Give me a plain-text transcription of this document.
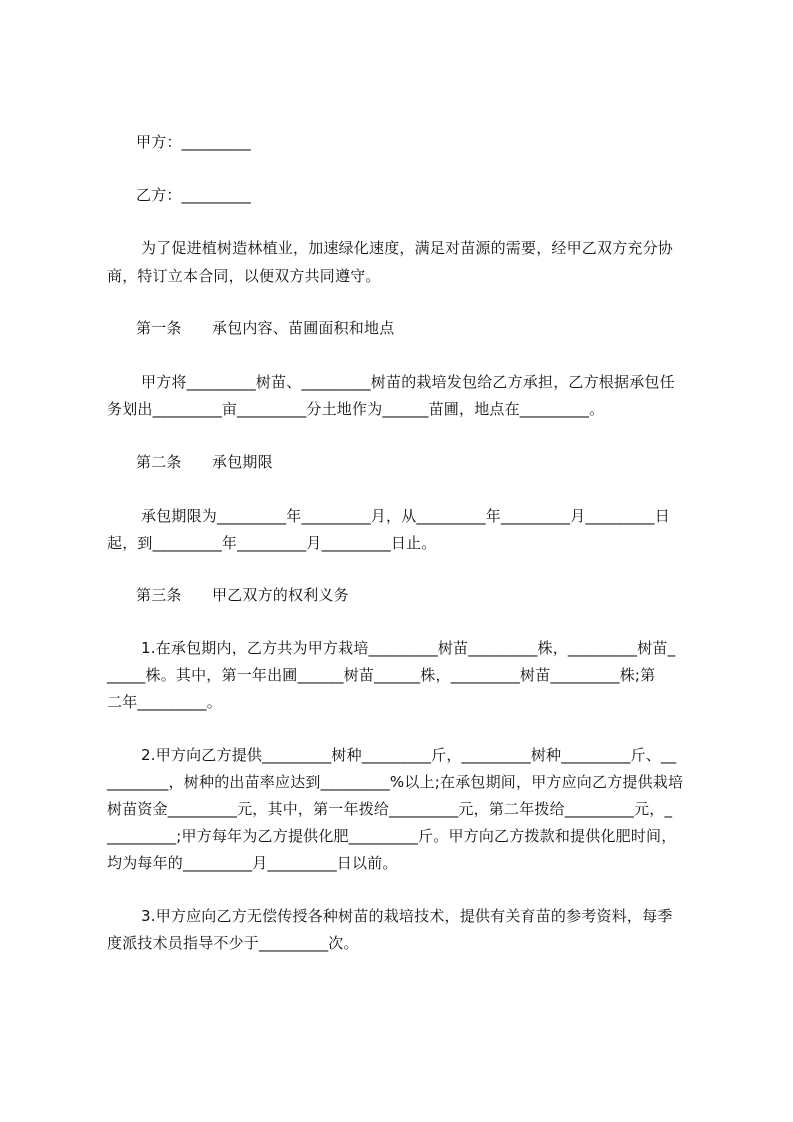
甲方：_________
乙方：_________
为了促进植树造林植业，加速绿化速度，满足对苗源的需要，经甲乙双方充分协
商，特订立本合同，以便双方共同遵守。
第一条　　承包内容、苗圃面积和地点
甲方将_________树苗、_________树苗的栽培发包给乙方承担，乙方根据承包任
务划出_________亩_________分土地作为______苗圃，地点在_________。
第二条　　承包期限
承包期限为_________年_________月，从_________年_________月_________日
起，到_________年_________月_________日止。
第三条　　甲乙双方的权利义务
1.在承包期内，乙方共为甲方栽培_________树苗_________株，_________树苗_
_____株。其中，第一年出圃______树苗______株，_________树苗_________株;第
二年_________。
2.甲方向乙方提供_________树种_________斤，_________树种_________斤、__
________，树种的出苗率应达到_________%以上;在承包期间，甲方应向乙方提供栽培
树苗资金_________元，其中，第一年拨给_________元，第二年拨给_________元，_
_________;甲方每年为乙方提供化肥_________斤。甲方向乙方拨款和提供化肥时间，
均为每年的_________月_________日以前。
3.甲方应向乙方无偿传授各种树苗的栽培技术，提供有关育苗的参考资料，每季
度派技术员指导不少于_________次。
